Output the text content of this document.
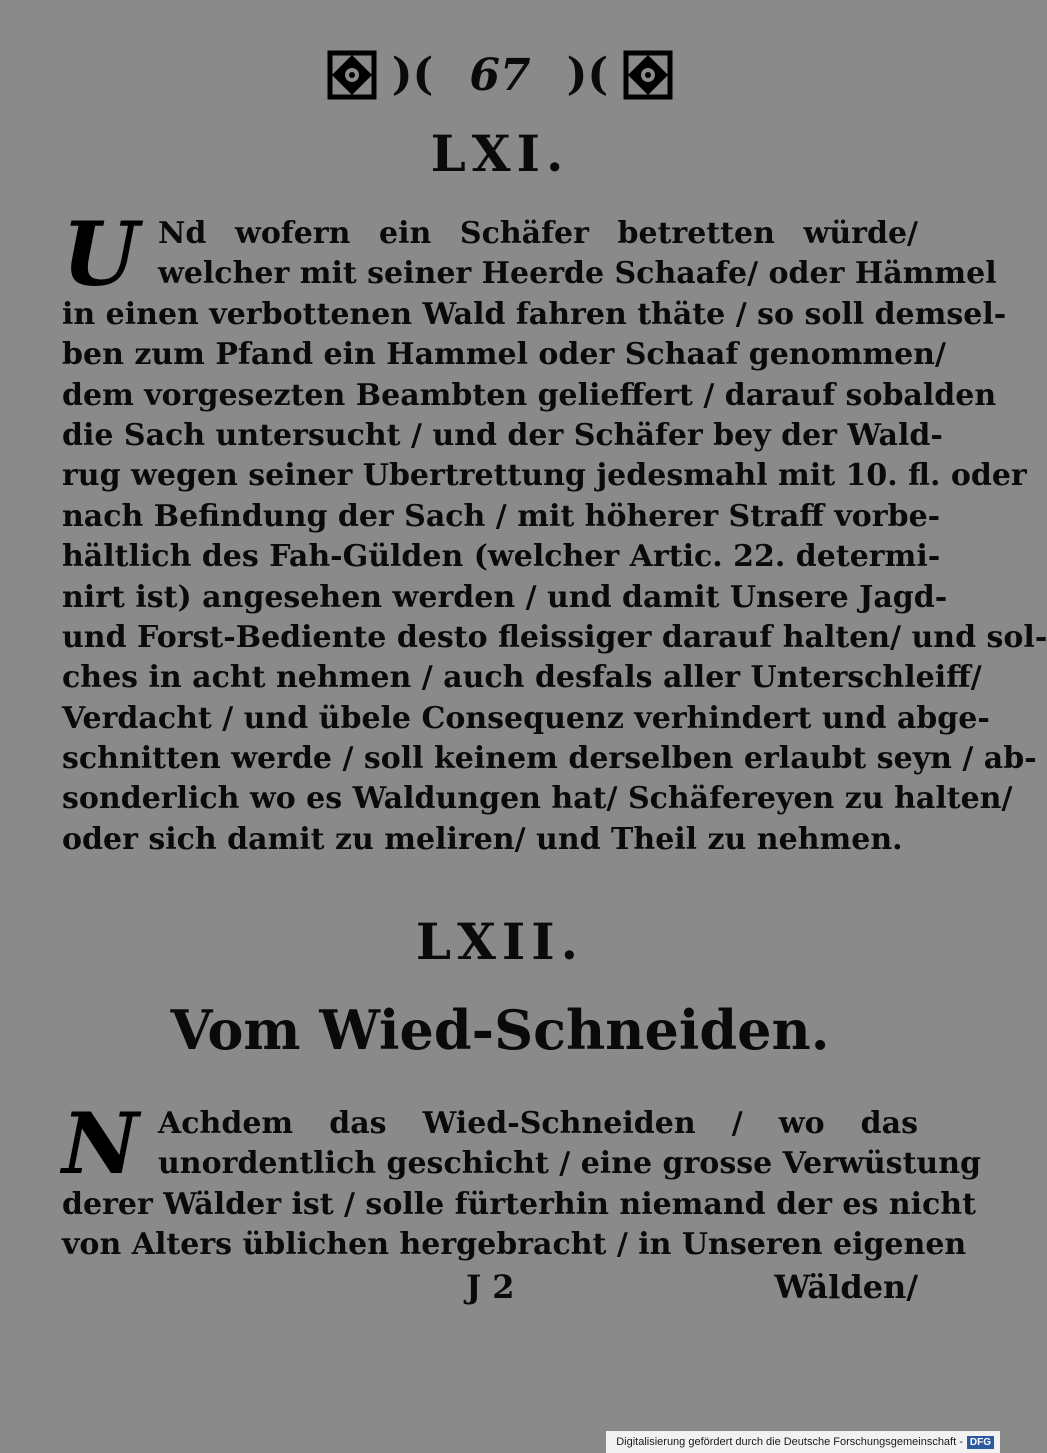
)( 67 )(
LXI.
U Nd wofern ein Schäfer betretten würde/
welcher mit seiner Heerde Schaafe/ oder Hämmel
in einen verbottenen Wald fahren thäte / so soll demsel-
ben zum Pfand ein Hammel oder Schaaf genommen/
dem vorgesezten Beambten gelieffert / darauf sobalden
die Sach untersucht / und der Schäfer bey der Wald-
rug wegen seiner Ubertrettung jedesmahl mit 10. fl. oder
nach Befindung der Sach / mit höherer Straff vorbe-
hältlich des Fah-Gülden (welcher Artic. 22. determi-
nirt ist) angesehen werden / und damit Unsere Jagd-
und Forst-Bediente desto fleissiger darauf halten/ und sol-
ches in acht nehmen / auch desfals aller Unterschleiff/
Verdacht / und übele Consequenz verhindert und abge-
schnitten werde / soll keinem derselben erlaubt seyn / ab-
sonderlich wo es Waldungen hat/ Schäfereyen zu halten/
oder sich damit zu meliren/ und Theil zu nehmen.
LXII.
Vom Wied-Schneiden.
N Achdem das Wied-Schneiden / wo das
unordentlich geschicht / eine grosse Verwüstung
derer Wälder ist / solle fürterhin niemand der es nicht
von Alters üblichen hergebracht / in Unseren eigenen
J 2	Wälden/
Digitalisierung gefördert durch die Deutsche Forschungsgemeinschaft - DFG
